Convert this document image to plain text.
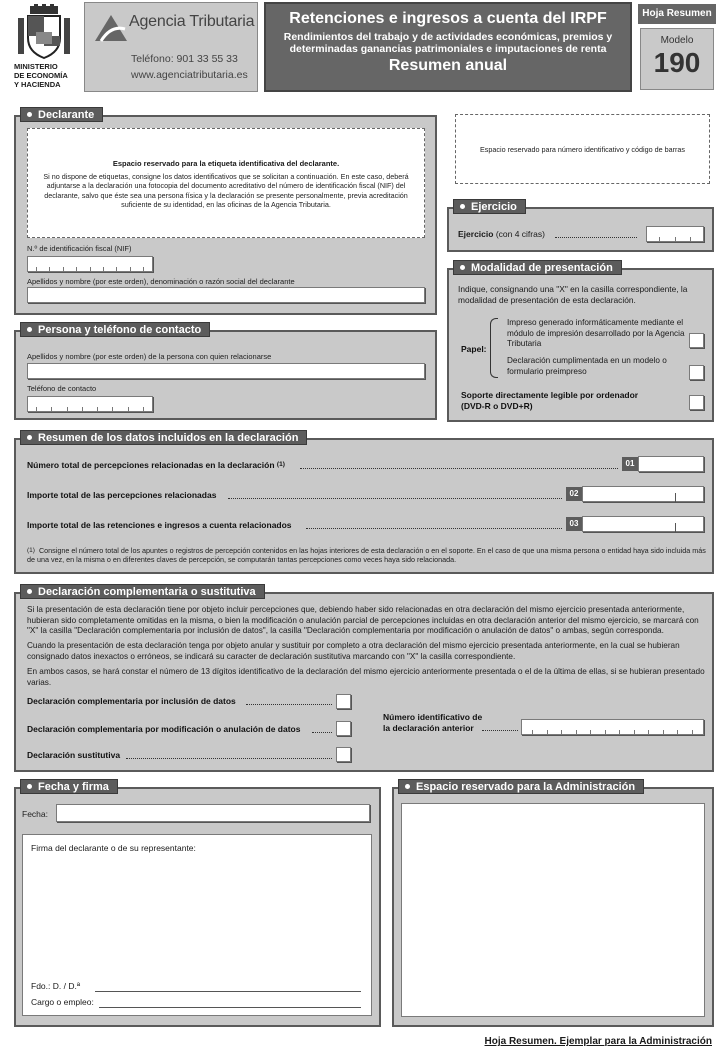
MINISTERIO
DE ECONOMÍA
Y HACIENDA
Agencia Tributaria
Teléfono: 901 33 55 33
www.agenciatributaria.es
Retenciones e ingresos a cuenta del IRPF
Rendimientos del trabajo y de actividades económicas, premios y
determinadas ganancias patrimoniales e imputaciones de renta
Resumen anual
Hoja Resumen
Modelo
190
Declarante
Espacio reservado para la etiqueta identificativa del declarante.
Si no dispone de etiquetas, consigne los datos identificativos que se solicitan a continuación. En este caso, deberá adjuntarse a la declaración una fotocopia del documento acreditativo del número de identificación fiscal (NIF) del declarante, salvo que éste sea una persona física y la declaración se presente personalmente, previa acreditación suficiente de su identidad, en las oficinas de la Agencia Tributaria.
N.º de identificación fiscal (NIF)
Apellidos y nombre (por este orden), denominación o razón social del declarante
Espacio reservado para número identificativo y código de barras
Ejercicio
Ejercicio (con 4 cifras)
Modalidad de presentación
Indique, consignando una "X" en la casilla correspondiente, la modalidad de presentación de esta declaración.
Papel:
Impreso generado informáticamente mediante el módulo de impresión desarrollado por la Agencia Tributaria
Declaración cumplimentada en un modelo o formulario preimpreso
Soporte directamente legible por ordenador
(DVD-R o DVD+R)
Persona y teléfono de contacto
Apellidos y nombre (por este orden) de la persona con quien relacionarse
Teléfono de contacto
Resumen de los datos incluidos en la declaración
Número total de percepciones relacionadas en la declaración $^{(1)}$	01
Importe total de las percepciones relacionadas	02
Importe total de las retenciones e ingresos a cuenta relacionados	03
(1) Consigne el número total de los apuntes o registros de percepción contenidos en las hojas interiores de esta declaración o en el soporte. En el caso de que una misma persona o entidad haya sido incluida más de una vez, en la misma o en diferentes claves de percepción, se computarán tantas percepciones como veces haya sido relacionada.
Declaración complementaria o sustitutiva
Si la presentación de esta declaración tiene por objeto incluir percepciones que, debiendo haber sido relacionadas en otra declaración del mismo ejercicio presentada anteriormente, hubieran sido completamente omitidas en la misma, o bien la modificación o anulación parcial de percepciones incluidas en otra declaración anterior del mismo ejercicio, se marcará con "X" la casilla "Declaración complementaria por inclusión de datos", la casilla "Declaración complementaria por modificación o anulación de datos" o ambas, según corresponda.
Cuando la presentación de esta declaración tenga por objeto anular y sustituir por completo a otra declaración del mismo ejercicio presentada anteriormente, en la cual se hubieran consignado datos inexactos o erróneos, se indicará su caracter de declaración sustitutiva marcando con "X" la casilla correspondiente.
En ambos casos, se hará constar el número de 13 dígitos identificativo de la declaración del mismo ejercicio anteriormente presentada o el de la última de ellas, si se hubieran presentado varias.
Declaración complementaria por inclusión de datos
Declaración complementaria por modificación o anulación de datos
Declaración sustitutiva
Número identificativo de
la declaración anterior
Fecha y firma
Fecha:
Firma del declarante o de su representante:
Fdo.: D. / D.ª
Cargo o empleo:
Espacio reservado para la Administración
Hoja Resumen. Ejemplar para la Administración
